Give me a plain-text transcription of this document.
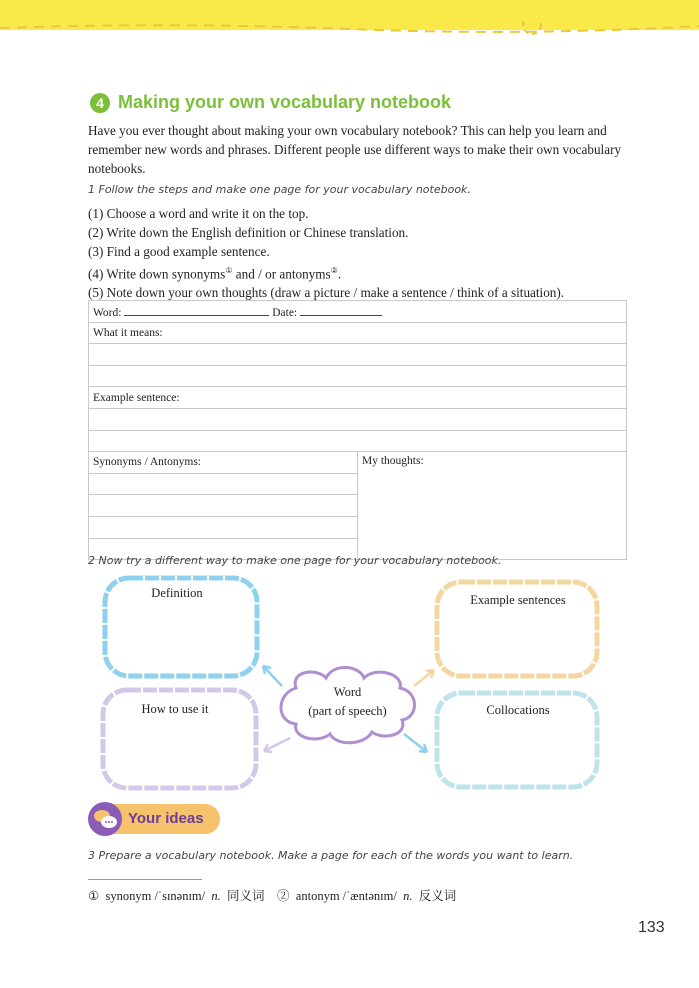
4 Making your own vocabulary notebook
Have you ever thought about making your own vocabulary notebook? This can help you learn and remember new words and phrases. Different people use different ways to make their own vocabulary notebooks.
1 Follow the steps and make one page for your vocabulary notebook.
(1) Choose a word and write it on the top.
(2) Write down the English definition or Chinese translation.
(3) Find a good example sentence.
(4) Write down synonyms① and / or antonyms②.
(5) Note down your own thoughts (draw a picture / make a sentence / think of a situation).
Word:	Date:
What it means:

Example sentence:

Synonyms / Antonyms:	My thoughts:

2 Now try a different way to make one page for your vocabulary notebook.
Definition	Example sentences
How to use it	Collocations
Word
(part of speech)
Your ideas
3 Prepare a vocabulary notebook. Make a page for each of the words you want to learn.
① synonym /ˈsɪnənɪm/ n. 同义词 ② antonym /ˈæntənɪm/ n. 反义词
133
